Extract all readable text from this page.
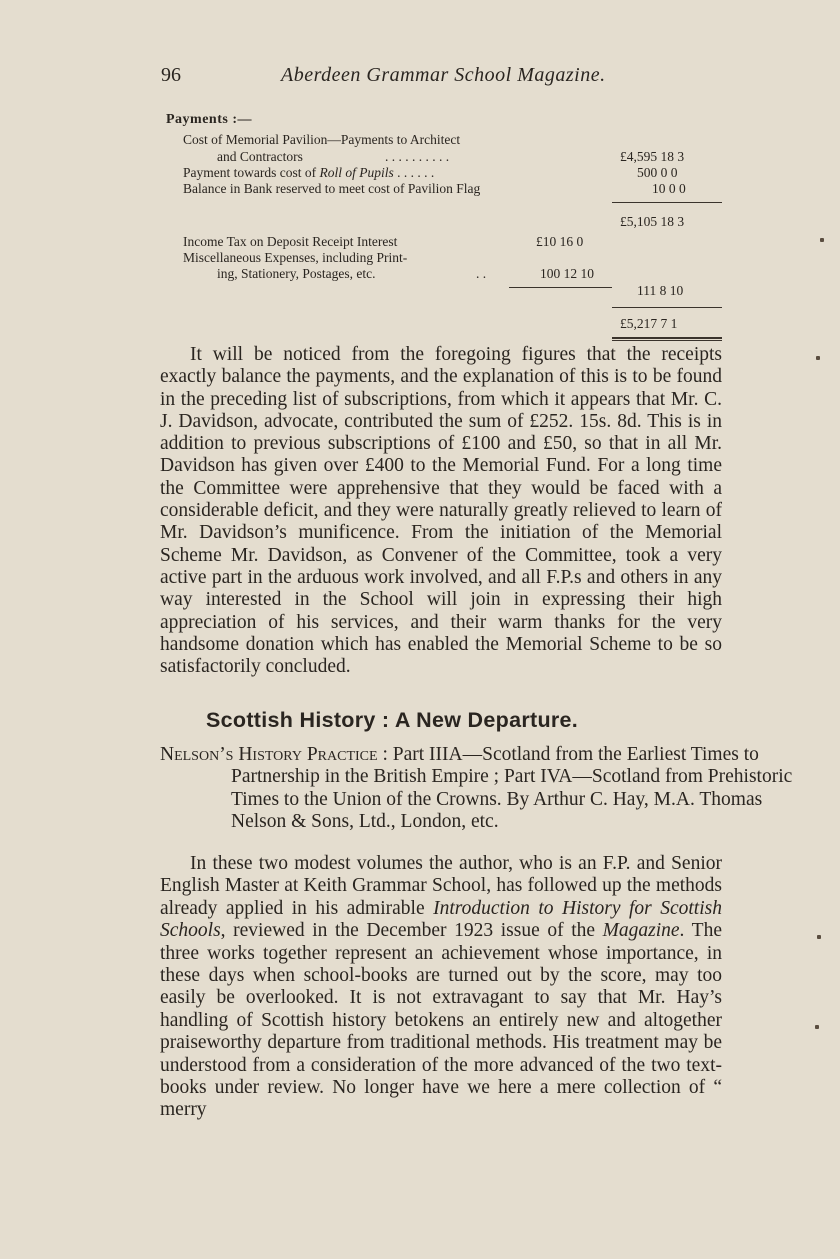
96	Aberdeen Grammar School Magazine.
Payments :—
Cost of Memorial Pavilion—Payments to Architect
and Contractors	. . . . . . . . . .	£4,595 18 3
Payment towards cost of Roll of Pupils . . . . . .	500 0 0
Balance in Bank reserved to meet cost of Pavilion Flag	10 0 0
£5,105 18 3
Income Tax on Deposit Receipt Interest	£10 16 0
Miscellaneous Expenses, including Print-
ing, Stationery, Postages, etc.	. .	100 12 10
111 8 10
£5,217 7 1

It will be noticed from the foregoing figures that the receipts exactly balance the payments, and the explanation of this is to be found in the preceding list of subscriptions, from which it appears that Mr. C. J. Davidson, advocate, contributed the sum of £252. 15s. 8d. This is in addition to previous subscriptions of £100 and £50, so that in all Mr. Davidson has given over £400 to the Memorial Fund. For a long time the Committee were apprehensive that they would be faced with a considerable deficit, and they were naturally greatly relieved to learn of Mr. Davidson’s munificence. From the initiation of the Memorial Scheme Mr. Davidson, as Convener of the Committee, took a very active part in the arduous work involved, and all F.P.s and others in any way interested in the School will join in expressing their high appreciation of his services, and their warm thanks for the very handsome donation which has enabled the Memorial Scheme to be so satisfactorily concluded.

Scottish History : A New Departure.

Nelson’s History Practice : Part IIIA—Scotland from the Earliest Times to Partnership in the British Empire ; Part IVA—Scotland from Prehistoric Times to the Union of the Crowns. By Arthur C. Hay, M.A. Thomas Nelson & Sons, Ltd., London, etc.

In these two modest volumes the author, who is an F.P. and Senior English Master at Keith Grammar School, has followed up the methods already applied in his admirable Introduction to History for Scottish Schools, reviewed in the December 1923 issue of the Magazine. The three works together represent an achievement whose importance, in these days when school-books are turned out by the score, may too easily be overlooked. It is not extravagant to say that Mr. Hay’s handling of Scottish history betokens an entirely new and altogether praiseworthy departure from traditional methods. His treatment may be understood from a consideration of the more advanced of the two text-books under review. No longer have we here a mere collection of “ merry
